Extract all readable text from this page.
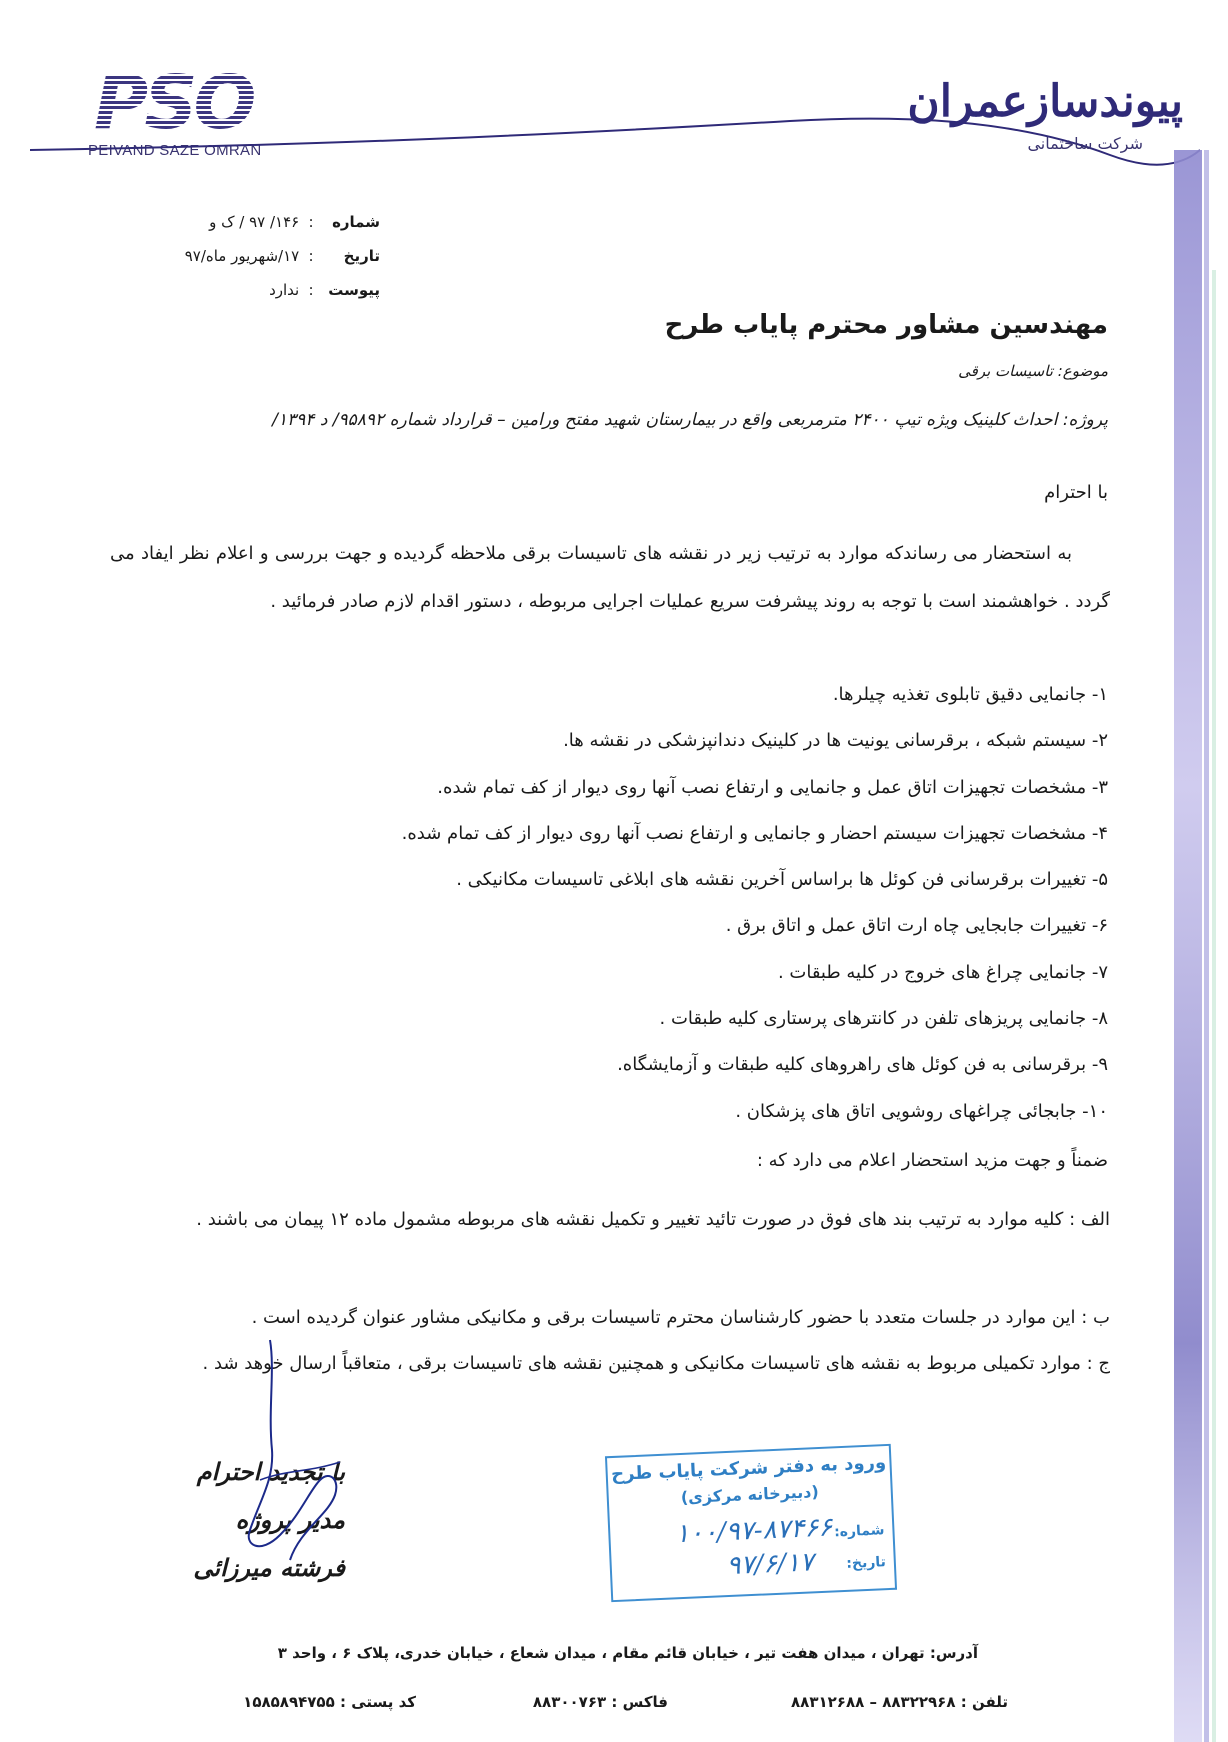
PSO
PEIVAND SAZE OMRAN
پیوندسازعمران
شرکت ساختمانی
شماره: ۱۴۶/ ۹۷ / ک و
تاریخ: ۱۷/شهریور ماه/۹۷
پیوست: ندارد
مهندسین مشاور محترم پایاب طرح
موضوع: تاسیسات برقی
پروژه: احداث کلینیک ویژه تیپ ۲۴۰۰ مترمربعی واقع در بیمارستان شهید مفتح ورامین – قرارداد شماره ۹۵۸۹۲/ د ۱۳۹۴/
با احترام
به استحضار می رساندکه موارد به ترتیب زیر در نقشه های تاسیسات برقی ملاحظه گردیده و جهت بررسی و اعلام نظر ایفاد می گردد . خواهشمند است با توجه به روند پیشرفت سریع عملیات اجرایی مربوطه ، دستور اقدام لازم صادر فرمائید .
۱- جانمایی دقیق تابلوی تغذیه چیلرها.
۲- سیستم شبکه ، برقرسانی یونیت ها در کلینیک دندانپزشکی در نقشه ها.
۳- مشخصات تجهیزات اتاق عمل و جانمایی و ارتفاع نصب آنها روی دیوار از کف تمام شده.
۴- مشخصات تجهیزات سیستم احضار و جانمایی و ارتفاع نصب آنها روی دیوار از کف تمام شده.
۵- تغییرات برقرسانی فن کوئل ها براساس آخرین نقشه های ابلاغی تاسیسات مکانیکی .
۶- تغییرات جابجایی چاه ارت اتاق عمل و اتاق برق .
۷- جانمایی چراغ های خروج در کلیه طبقات .
۸- جانمایی پریزهای تلفن در کانترهای پرستاری کلیه طبقات .
۹- برقرسانی به فن کوئل های راهروهای کلیه طبقات و آزمایشگاه.
۱۰- جابجائی چراغهای روشویی اتاق های پزشکان .
ضمناً و جهت مزید استحضار اعلام می دارد که :
الف : کلیه موارد به ترتیب بند های فوق در صورت تائید تغییر و تکمیل نقشه های مربوطه مشمول ماده ۱۲ پیمان می باشند .
ب : این موارد در جلسات متعدد با حضور کارشناسان محترم تاسیسات برقی و مکانیکی مشاور عنوان گردیده است .
ج : موارد تکمیلی مربوط به نقشه های تاسیسات مکانیکی و همچنین نقشه های تاسیسات برقی ، متعاقباً ارسال خوهد شد .
با تجدید احترام
مدیر پروژه
فرشته میرزائی
ورود به دفتر شرکت پایاب طرح
(دبیرخانه مرکزی)
شماره:
تاریخ:
۱۰۰/۹۷-۸۷۴۶۶
۹۷/۶/۱۷
آدرس: تهران ، میدان هفت تیر ، خیابان قائم مقام ، میدان شعاع ، خیابان خدری، پلاک ۶ ، واحد ۳
تلفن : ۸۸۳۲۲۹۶۸ – ۸۸۳۱۲۶۸۸
فاکس : ۸۸۳۰۰۷۶۳
کد پستی : ۱۵۸۵۸۹۴۷۵۵
